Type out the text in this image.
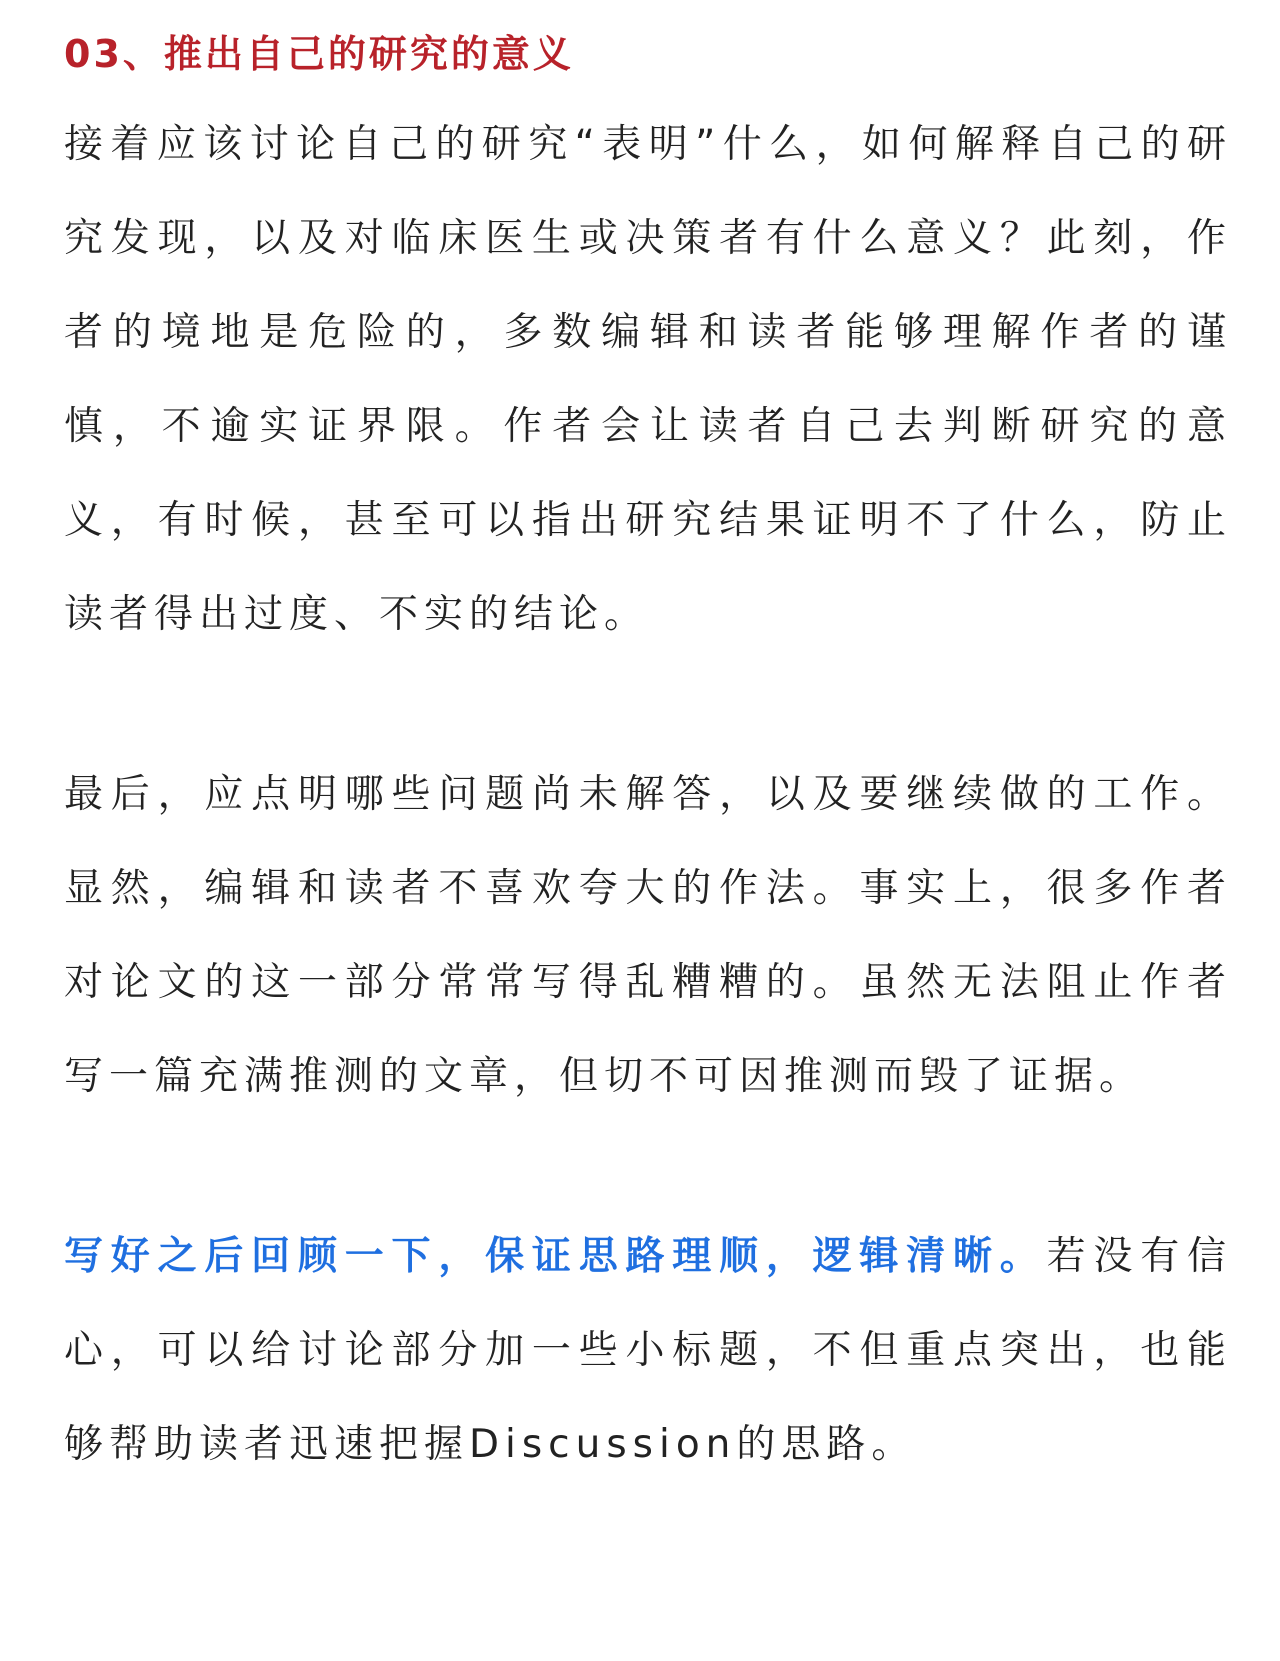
03、推出自己的研究的意义

接着应该讨论自己的研究“表明”什么，如何解释自己的研究发现，以及对临床医生或决策者有什么意义？此刻，作者的境地是危险的，多数编辑和读者能够理解作者的谨慎，不逾实证界限。作者会让读者自己去判断研究的意义，有时候，甚至可以指出研究结果证明不了什么，防止读者得出过度、不实的结论。

最后，应点明哪些问题尚未解答，以及要继续做的工作。显然，编辑和读者不喜欢夸大的作法。事实上，很多作者对论文的这一部分常常写得乱糟糟的。虽然无法阻止作者写一篇充满推测的文章，但切不可因推测而毁了证据。

写好之后回顾一下，保证思路理顺，逻辑清晰。若没有信心，可以给讨论部分加一些小标题，不但重点突出，也能够帮助读者迅速把握Discussion的思路。
